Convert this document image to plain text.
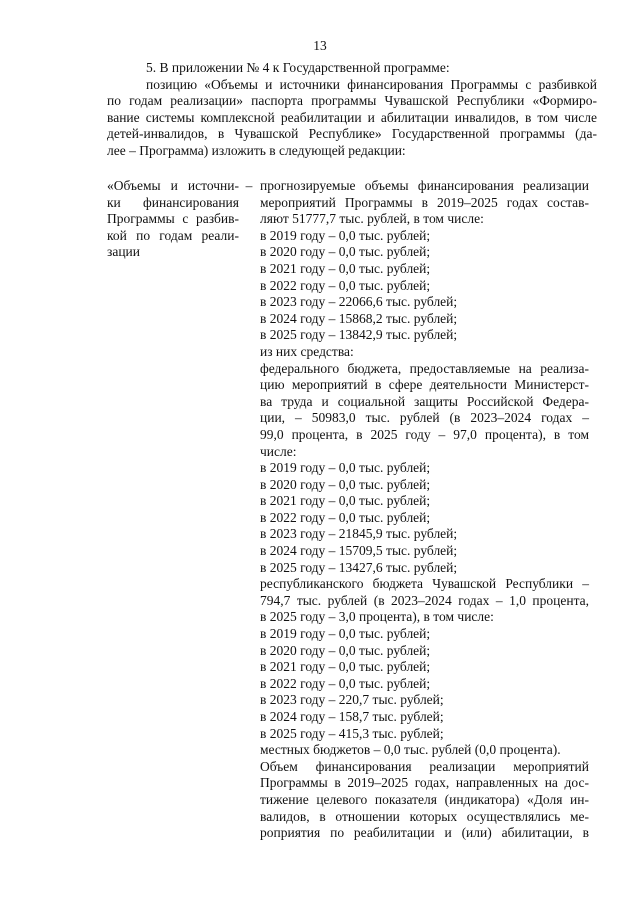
13
5. В приложении № 4 к Государственной программе:
позицию «Объемы и источники финансирования Программы с разбивкой
по годам реализации» паспорта программы Чувашской Республики «Формиро-
вание системы комплексной реабилитации и абилитации инвалидов, в том числе
детей-инвалидов, в Чувашской Республике» Государственной программы (да-
лее – Программа) изложить в следующей редакции:
«Объемы и источни-
ки финансирования
Программы с разбив-
кой по годам реали-
зации
– прогнозируемые объемы финансирования реализации
мероприятий Программы в 2019–2025 годах состав-
ляют 51777,7 тыс. рублей, в том числе:
в 2019 году – 0,0 тыс. рублей;
в 2020 году – 0,0 тыс. рублей;
в 2021 году – 0,0 тыс. рублей;
в 2022 году – 0,0 тыс. рублей;
в 2023 году – 22066,6 тыс. рублей;
в 2024 году – 15868,2 тыс. рублей;
в 2025 году – 13842,9 тыс. рублей;
из них средства:
федерального бюджета, предоставляемые на реализа-
цию мероприятий в сфере деятельности Министерст-
ва труда и социальной защиты Российской Федера-
ции, – 50983,0 тыс. рублей (в 2023–2024 годах –
99,0 процента, в 2025 году – 97,0 процента), в том
числе:
в 2019 году – 0,0 тыс. рублей;
в 2020 году – 0,0 тыс. рублей;
в 2021 году – 0,0 тыс. рублей;
в 2022 году – 0,0 тыс. рублей;
в 2023 году – 21845,9 тыс. рублей;
в 2024 году – 15709,5 тыс. рублей;
в 2025 году – 13427,6 тыс. рублей;
республиканского бюджета Чувашской Республики –
794,7 тыс. рублей (в 2023–2024 годах – 1,0 процента,
в 2025 году – 3,0 процента), в том числе:
в 2019 году – 0,0 тыс. рублей;
в 2020 году – 0,0 тыс. рублей;
в 2021 году – 0,0 тыс. рублей;
в 2022 году – 0,0 тыс. рублей;
в 2023 году – 220,7 тыс. рублей;
в 2024 году – 158,7 тыс. рублей;
в 2025 году – 415,3 тыс. рублей;
местных бюджетов – 0,0 тыс. рублей (0,0 процента).
Объем финансирования реализации мероприятий
Программы в 2019–2025 годах, направленных на дос-
тижение целевого показателя (индикатора) «Доля ин-
валидов, в отношении которых осуществлялись ме-
роприятия по реабилитации и (или) абилитации, в
